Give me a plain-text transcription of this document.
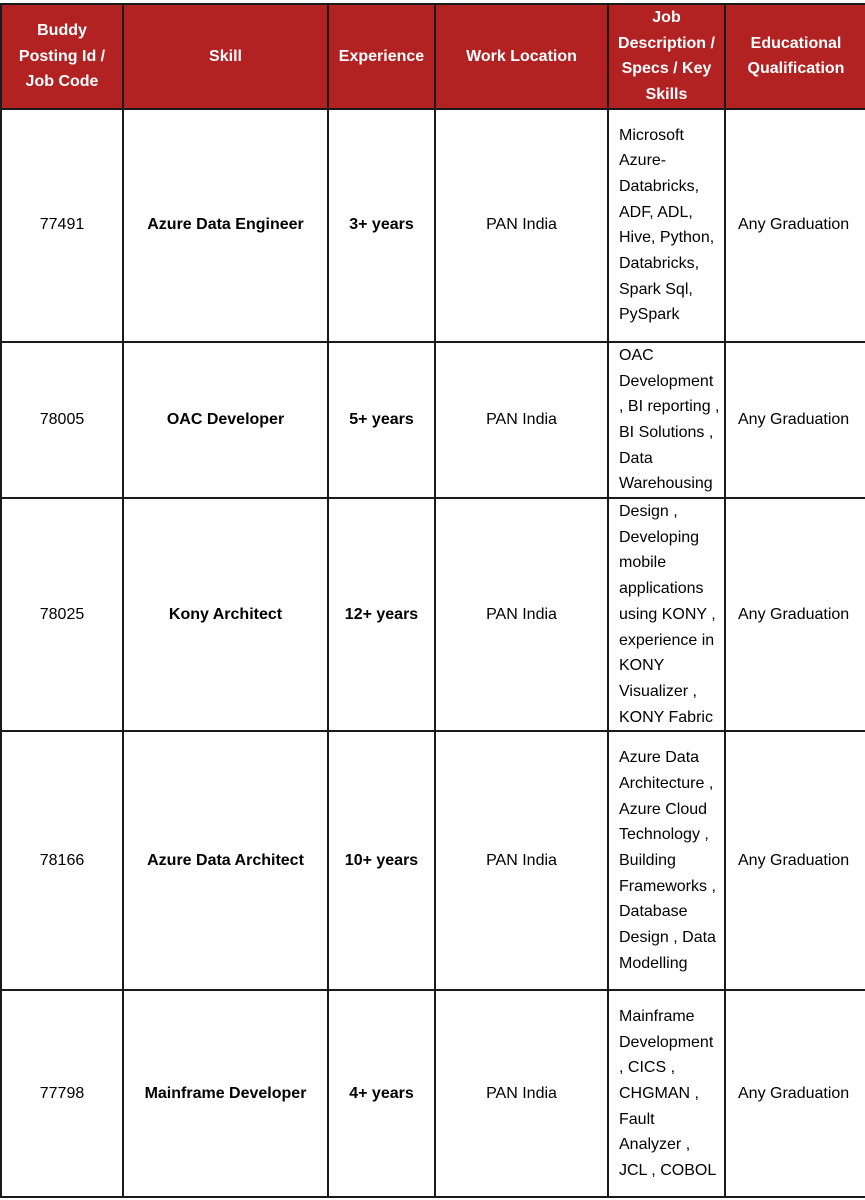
Buddy Posting Id / Job Code	Skill	Experience	Work Location	Job Description / Specs / Key Skills	Educational Qualification

77491	Azure Data Engineer	3+ years	PAN India	Microsoft Azure-Databricks, ADF, ADL, Hive, Python, Databricks, Spark Sql, PySpark	Any Graduation
78005	OAC Developer	5+ years	PAN India	OAC Development , BI reporting , BI Solutions , Data Warehousing	Any Graduation
78025	Kony Architect	12+ years	PAN India	Design , Developing mobile applications using KONY , experience in KONY Visualizer , KONY Fabric	Any Graduation
78166	Azure Data Architect	10+ years	PAN India	Azure Data Architecture , Azure Cloud Technology , Building Frameworks , Database Design , Data Modelling	Any Graduation
77798	Mainframe Developer	4+ years	PAN India	Mainframe Development , CICS , CHGMAN , Fault Analyzer , JCL , COBOL	Any Graduation
